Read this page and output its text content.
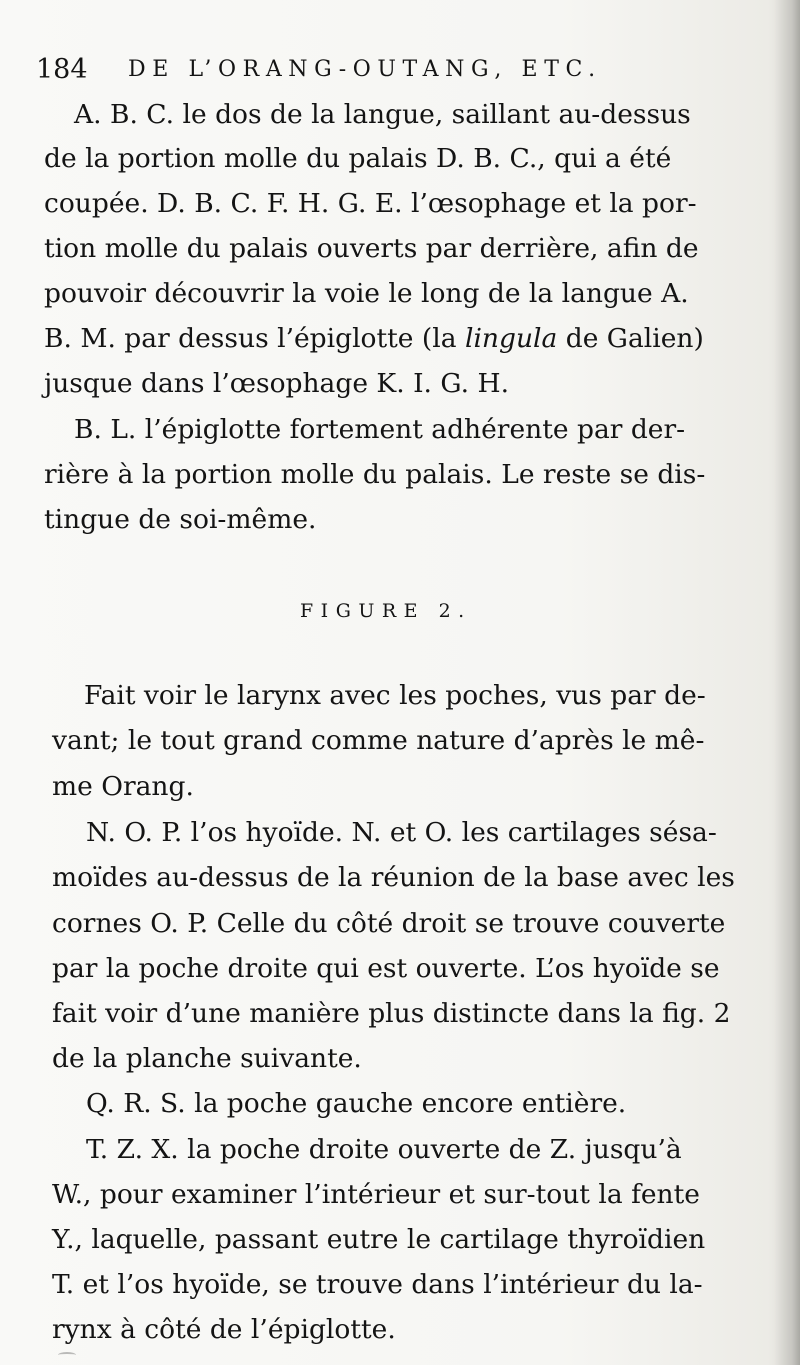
184 DE L’ORANG-OUTANG, ETC.
A. B. C. le dos de la langue, saillant au-dessus
de la portion molle du palais D. B. C., qui a été
coupée. D. B. C. F. H. G. E. l’œsophage et la por-
tion molle du palais ouverts par derrière, afin de
pouvoir découvrir la voie le long de la langue A.
B. M. par dessus l’épiglotte (la lingula de Galien)
jusque dans l’œsophage K. I. G. H.
B. L. l’épiglotte fortement adhérente par der-
rière à la portion molle du palais. Le reste se dis-
tingue de soi-même.
FIGURE 2.
Fait voir le larynx avec les poches, vus par de-
vant; le tout grand comme nature d’après le mê-
me Orang.
N. O. P. l’os hyoïde. N. et O. les cartilages sésa-
moïdes au-dessus de la réunion de la base avec les
cornes O. P. Celle du côté droit se trouve couverte
par la poche droite qui est ouverte. L’os hyoïde se
fait voir d’une manière plus distincte dans la fig. 2
de la planche suivante.
Q. R. S. la poche gauche encore entière.
T. Z. X. la poche droite ouverte de Z. jusqu’à
W., pour examiner l’intérieur et sur-tout la fente
Y., laquelle, passant eutre le cartilage thyroïdien
T. et l’os hyoïde, se trouve dans l’intérieur du la-
rynx à côté de l’épiglotte.
